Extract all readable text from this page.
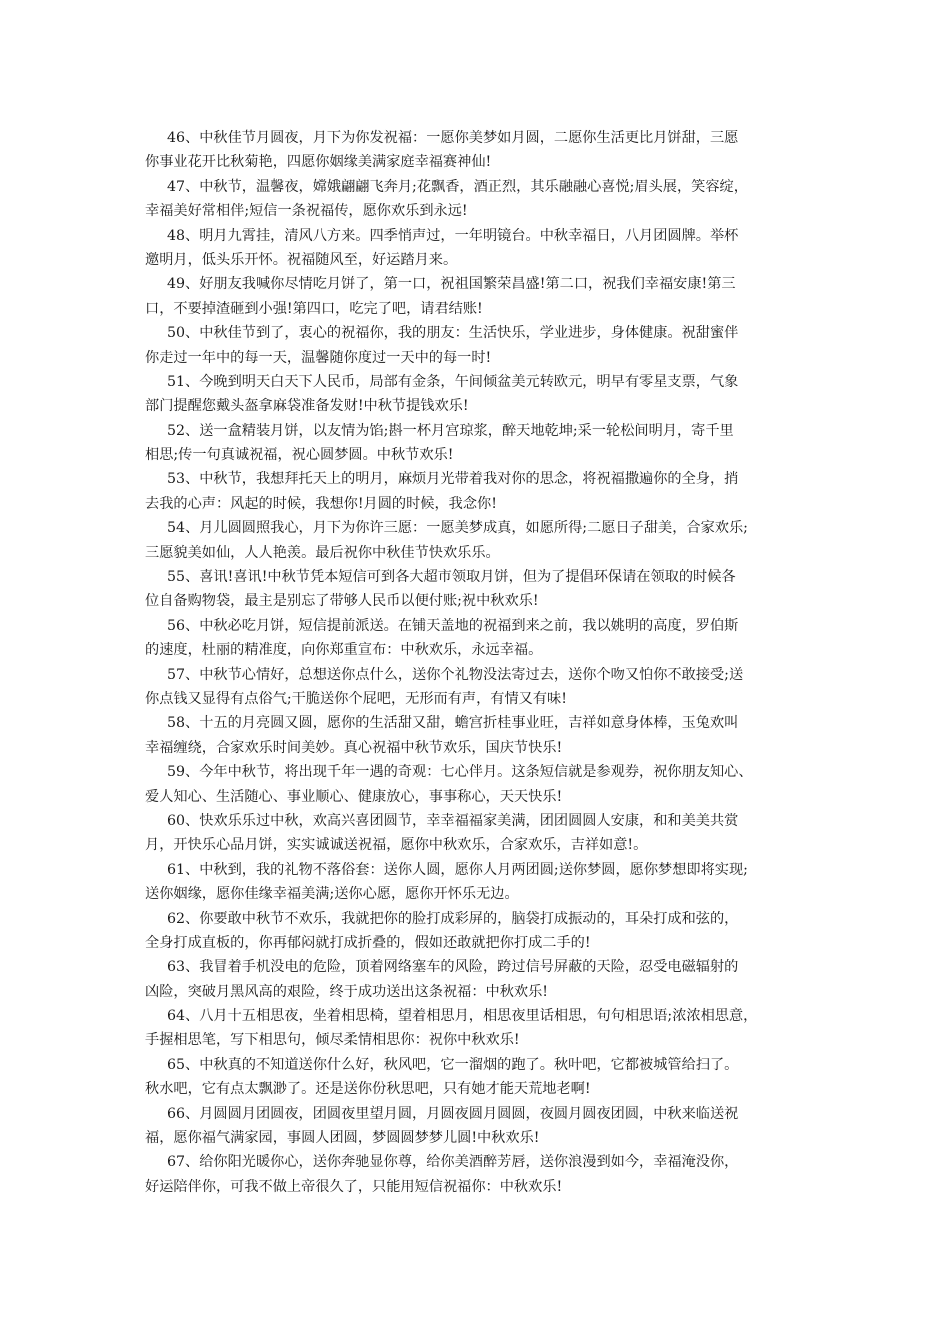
46、中秋佳节月圆夜，月下为你发祝福：一愿你美梦如月圆，二愿你生活更比月饼甜，三愿
你事业花开比秋菊艳，四愿你姻缘美满家庭幸福赛神仙!
47、中秋节，温馨夜，嫦娥翩翩飞奔月;花飘香，酒正烈，其乐融融心喜悦;眉头展，笑容绽，
幸福美好常相伴;短信一条祝福传，愿你欢乐到永远!
48、明月九霄挂，清风八方来。四季悄声过，一年明镜台。中秋幸福日，八月团圆牌。举杯
邀明月，低头乐开怀。祝福随风至，好运踏月来。
49、好朋友我喊你尽情吃月饼了，第一口，祝祖国繁荣昌盛!第二口，祝我们幸福安康!第三
口，不要掉渣砸到小强!第四口，吃完了吧，请君结账!
50、中秋佳节到了，衷心的祝福你，我的朋友：生活快乐，学业进步，身体健康。祝甜蜜伴
你走过一年中的每一天，温馨随你度过一天中的每一时!
51、今晚到明天白天下人民币，局部有金条，午间倾盆美元转欧元，明早有零星支票，气象
部门提醒您戴头盔拿麻袋准备发财!中秋节提钱欢乐!
52、送一盒精装月饼，以友情为馅;斟一杯月宫琼浆，醉天地乾坤;采一轮松间明月，寄千里
相思;传一句真诚祝福，祝心圆梦圆。中秋节欢乐!
53、中秋节，我想拜托天上的明月，麻烦月光带着我对你的思念，将祝福撒遍你的全身，捎
去我的心声：风起的时候，我想你!月圆的时候，我念你!
54、月儿圆圆照我心，月下为你许三愿：一愿美梦成真，如愿所得;二愿日子甜美，合家欢乐;
三愿貌美如仙，人人艳羡。最后祝你中秋佳节快欢乐乐。
55、喜讯!喜讯!中秋节凭本短信可到各大超市领取月饼，但为了提倡环保请在领取的时候各
位自备购物袋，最主是别忘了带够人民币以便付账;祝中秋欢乐!
56、中秋必吃月饼，短信提前派送。在铺天盖地的祝福到来之前，我以姚明的高度，罗伯斯
的速度，杜丽的精准度，向你郑重宣布：中秋欢乐，永远幸福。
57、中秋节心情好，总想送你点什么，送你个礼物没法寄过去，送你个吻又怕你不敢接受;送
你点钱又显得有点俗气;干脆送你个屁吧，无形而有声，有情又有味!
58、十五的月亮圆又圆，愿你的生活甜又甜，蟾宫折桂事业旺，吉祥如意身体棒，玉兔欢叫
幸福缠绕，合家欢乐时间美妙。真心祝福中秋节欢乐，国庆节快乐!
59、今年中秋节，将出现千年一遇的奇观：七心伴月。这条短信就是参观券，祝你朋友知心、
爱人知心、生活随心、事业顺心、健康放心，事事称心，天天快乐!
60、快欢乐乐过中秋，欢高兴喜团圆节，幸幸福福家美满，团团圆圆人安康，和和美美共赏
月，开快乐心品月饼，实实诚诚送祝福，愿你中秋欢乐，合家欢乐，吉祥如意!。
61、中秋到，我的礼物不落俗套：送你人圆，愿你人月两团圆;送你梦圆，愿你梦想即将实现;
送你姻缘，愿你佳缘幸福美满;送你心愿，愿你开怀乐无边。
62、你要敢中秋节不欢乐，我就把你的脸打成彩屏的，脑袋打成振动的，耳朵打成和弦的，
全身打成直板的，你再郁闷就打成折叠的，假如还敢就把你打成二手的!
63、我冒着手机没电的危险，顶着网络塞车的风险，跨过信号屏蔽的天险，忍受电磁辐射的
凶险，突破月黑风高的艰险，终于成功送出这条祝福：中秋欢乐!
64、八月十五相思夜，坐着相思椅，望着相思月，相思夜里话相思，句句相思语;浓浓相思意，
手握相思笔，写下相思句，倾尽柔情相思你：祝你中秋欢乐!
65、中秋真的不知道送你什么好，秋风吧，它一溜烟的跑了。秋叶吧，它都被城管给扫了。
秋水吧，它有点太飘渺了。还是送你份秋思吧，只有她才能天荒地老啊!
66、月圆圆月团圆夜，团圆夜里望月圆，月圆夜圆月圆圆，夜圆月圆夜团圆，中秋来临送祝
福，愿你福气满家园，事圆人团圆，梦圆圆梦梦儿圆!中秋欢乐!
67、给你阳光暖你心，送你奔驰显你尊，给你美酒醉芳唇，送你浪漫到如今，幸福淹没你，
好运陪伴你，可我不做上帝很久了，只能用短信祝福你：中秋欢乐!
